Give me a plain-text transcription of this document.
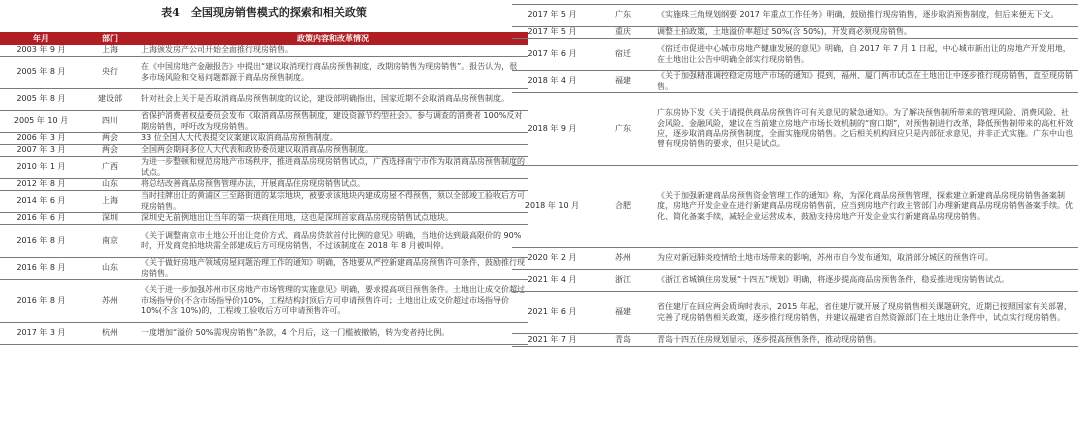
表4　全国现房销售模式的探索和相关政策
年月	部门	政策内容和改革情况
2003 年 9 月	上海	上海颁发房产公司开始全面推行现房销售。
2005 年 8 月	央行	在《中国房地产金融报告》中提出“建议取消现行商品房预售制度，改期房销售为现房销售”。报告认为，很多市场风险和交易问题都源于商品房预售制度。
2005 年 8 月	建设部	针对社会上关于是否取消商品房预售制度的议论，建设部明确指出，国家近期不会取消商品房预售制度。
2005 年 10 月	四川	省保护消费者权益委员会发布《取消商品房预售制度，建设资源节约型社会》。参与调查的消费者 100%反对期房销售，呼吁改为现房销售。
2006 年 3 月	两会	33 位全国人大代表提交议案建议取消商品房预售制度。
2007 年 3 月	两会	全国两会期间多位人大代表和政协委员建议取消商品房预售制度。
2010 年 1 月	广西	为进一步整顿和规范房地产市场秩序，推进商品房现房销售试点，广西选择南宁市作为取消商品房预售制度的试点。
2012 年 8 月	山东	将总结改善商品房预售管理办法，开展商品住房现房销售试点。
2014 年 6 月	上海	当时挂牌出让的黄浦区三至路街道的某宗地块，被要求该地块内建成房屋不得预售，须以全部竣工验收后方可现房销售。
2016 年 6 月	深圳	深圳史无前例地出让当年的第一块商住用地，这也是深圳首家商品房现房销售试点地块。
2016 年 8 月	南京	《关于调整南京市土地公开出让竞价方式、商品房贷款首付比例的意见》明确，当地价达到最高限价的 90%时，开发商竞拍地块需全部建成后方可现房销售，不过该制度在 2018 年 8 月被叫停。
2016 年 8 月	山东	《关于做好房地产领域房屋问题治理工作的通知》明确，各地要从严控新建商品房预售许可条件，鼓励推行现房销售。
2016 年 8 月	苏州	《关于进一步加强苏州市区房地产市场管理的实施意见》明确，要求提高项目预售条件。土地出让成交价超过市场指导价(不含市场指导价)10%，工程结构封顶后方可申请预售许可；土地出让成交价超过市场指导价 10%(不含 10%)的，工程竣工验收后方可申请预售许可。
2017 年 3 月	杭州	一度增加“溢价 50%需现房销售”条款，4 个月后，这一门槛被撤销，转为变者持比例。
2017 年 5 月	广东	《实施珠三角规划纲要 2017 年重点工作任务》明确，鼓励推行现房销售，逐步取消预售制度，但后来便无下文。
2017 年 5 月	重庆	调整土拍政策，土地溢价率超过 50%(含 50%)，开发商必须现房销售。
2017 年 6 月	宿迁	《宿迁市促进中心城市房地产健康发展的意见》明确，自 2017 年 7 月 1 日起，中心城市新出让的房地产开发用地，在土地出让公告中明确全部实行现房销售。
2018 年 4 月	福建	《关于加强精准调控稳定房地产市场的通知》提到，福州、厦门两市试点在土地出让中逐步推行现房销售，直至现房销售。
2018 年 9 月	广东	广东房协下发《关于请提供商品房预售许可有关意见的紧急通知》。为了解决预售制所带来的管理风险、消费风险、社会风险、金融风险，建议在当前建立房地产市场长效机制的“窗口期”，对预售制进行改革，降低预售制带来的高杠杆效应，逐步取消商品房预售制度，全面实施现房销售。之后相关机构回应只是内部征求意见，并非正式实施。广东中山也曾有现房销售的要求，但只是试点。
2018 年 10 月	合肥	《关于加强新建商品房预售资金管理工作的通知》称，为深化商品房预售管理，探索建立新建商品房现房销售备案制度，房地产开发企业在进行新建商品房现房销售前，应当到房地产行政主管部门办理新建商品房现房销售备案手续。优化、简化备案手续，减轻企业运营成本，鼓励支持房地产开发企业实行新建商品房现房销售。
2020 年 2 月	苏州	为应对新冠肺炎疫情给土地市场带来的影响，苏州市自今发布通知，取消部分城区的预售许可。
2021 年 4 月	浙江	《浙江省城镇住房发展“十四五”规划》明确，将逐步提高商品房预售条件，稳妥推进现房销售试点。
2021 年 6 月	福建	省住建厅在回应两会质询时表示，2015 年起，省住建厅就开展了现房销售相关课题研究，近期已按照国家有关部署，完善了现房销售相关政策，逐步推行现房销售，并建议福建省自然资源部门在土地出让条件中，试点实行现房销售。
2021 年 7 月	青岛	青岛十四五住房规划显示，逐步提高预售条件，推动现房销售。
